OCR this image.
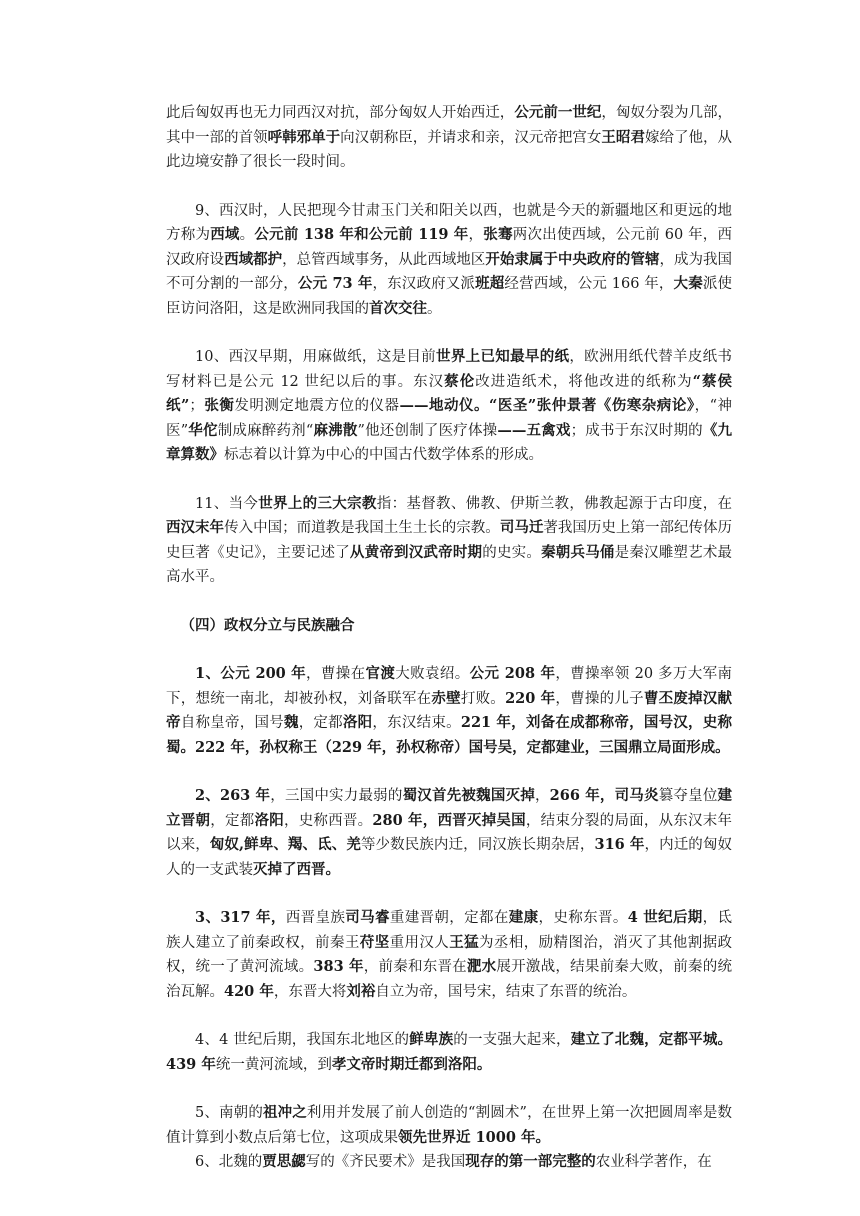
此后匈奴再也无力同西汉对抗，部分匈奴人开始西迁，公元前一世纪，匈奴分裂为几部，其中一部的首领呼韩邪单于向汉朝称臣，并请求和亲，汉元帝把宫女王昭君嫁给了他，从此边境安静了很长一段时间。

9、西汉时，人民把现今甘肃玉门关和阳关以西，也就是今天的新疆地区和更远的地方称为西域。公元前 138 年和公元前 119 年，张骞两次出使西域，公元前 60 年，西汉政府设西域都护，总管西域事务，从此西域地区开始隶属于中央政府的管辖，成为我国不可分割的一部分，公元 73 年，东汉政府又派班超经营西域，公元 166 年，大秦派使臣访问洛阳，这是欧洲同我国的首次交往。

10、西汉早期，用麻做纸，这是目前世界上已知最早的纸，欧洲用纸代替羊皮纸书写材料已是公元 12 世纪以后的事。东汉蔡伦改进造纸术，将他改进的纸称为“蔡侯纸”；张衡发明测定地震方位的仪器——地动仪。“医圣”张仲景著《伤寒杂病论》，“神医”华佗制成麻醉药剂“麻沸散”他还创制了医疗体操——五禽戏；成书于东汉时期的《九章算数》标志着以计算为中心的中国古代数学体系的形成。

11、当今世界上的三大宗教指：基督教、佛教、伊斯兰教，佛教起源于古印度，在西汉末年传入中国；而道教是我国土生土长的宗教。司马迁著我国历史上第一部纪传体历史巨著《史记》，主要记述了从黄帝到汉武帝时期的史实。秦朝兵马俑是秦汉雕塑艺术最高水平。

（四）政权分立与民族融合

1、公元 200 年，曹操在官渡大败袁绍。公元 208 年，曹操率领 20 多万大军南下，想统一南北，却被孙权，刘备联军在赤壁打败。220 年，曹操的儿子曹丕废掉汉献帝自称皇帝，国号魏，定都洛阳，东汉结束。221 年，刘备在成都称帝，国号汉，史称蜀。222 年，孙权称王（229 年，孙权称帝）国号吴，定都建业，三国鼎立局面形成。

2、263 年，三国中实力最弱的蜀汉首先被魏国灭掉，266 年，司马炎篡夺皇位建立晋朝，定都洛阳，史称西晋。280 年，西晋灭掉吴国，结束分裂的局面，从东汉末年以来，匈奴,鲜卑、羯、氐、羌等少数民族内迁，同汉族长期杂居，316 年，内迁的匈奴人的一支武装灭掉了西晋。

3、317 年，西晋皇族司马睿重建晋朝，定都在建康，史称东晋。4 世纪后期，氐族人建立了前秦政权，前秦王苻坚重用汉人王猛为丞相，励精图治，消灭了其他割据政权，统一了黄河流域。383 年，前秦和东晋在淝水展开激战，结果前秦大败，前秦的统治瓦解。420 年，东晋大将刘裕自立为帝，国号宋，结束了东晋的统治。

4、4 世纪后期，我国东北地区的鲜卑族的一支强大起来，建立了北魏，定都平城。439 年统一黄河流域，到孝文帝时期迁都到洛阳。

5、南朝的祖冲之利用并发展了前人创造的“割圆术”，在世界上第一次把圆周率是数值计算到小数点后第七位，这项成果领先世界近 1000 年。

6、北魏的贾思勰写的《齐民要术》是我国现存的第一部完整的农业科学著作，在
